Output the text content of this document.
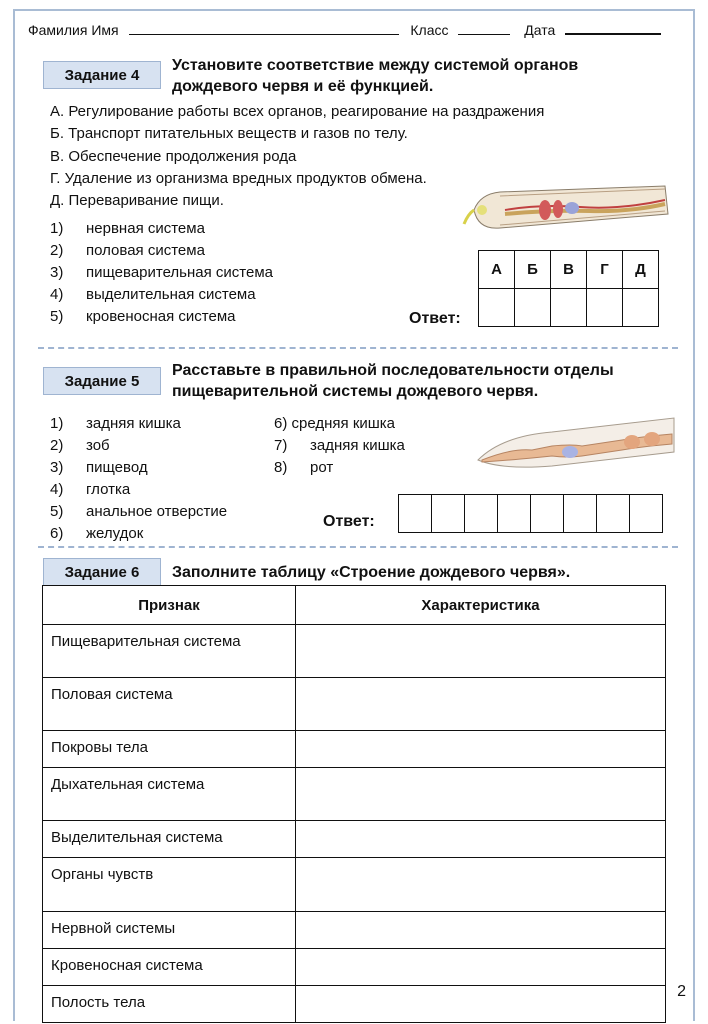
Фамилия Имя	Класс	Дата
Задание 4
Установите соответствие между системой органов
дождевого червя и её функцией.
А. Регулирование работы всех органов, реагирование на раздражения
Б. Транспорт питательных веществ и газов по телу.
В. Обеспечение продолжения рода
Г. Удаление из организма вредных продуктов обмена.
Д. Переваривание пищи.
1) нервная система
2) половая система
3) пищеварительная система
4) выделительная система
5) кровеносная система
А	Б	В	Г	Д

Ответ:
Задание 5
Расставьте в правильной последовательности отделы
пищеварительной системы дождевого червя.
1) задняя кишка
2) зоб
3) пищевод
4) глотка
5) анальное отверстие
6) желудок
6) средняя кишка
7) задняя кишка
8) рот

Ответ:
Задание 6	Заполните таблицу «Строение дождевого червя».
Признак	Характеристика
Пищеварительная система	
Половая система	
Покровы тела	
Дыхательная система	
Выделительная система	
Органы чувств	
Нервной системы	
Кровеносная система	
Полость тела	
2
